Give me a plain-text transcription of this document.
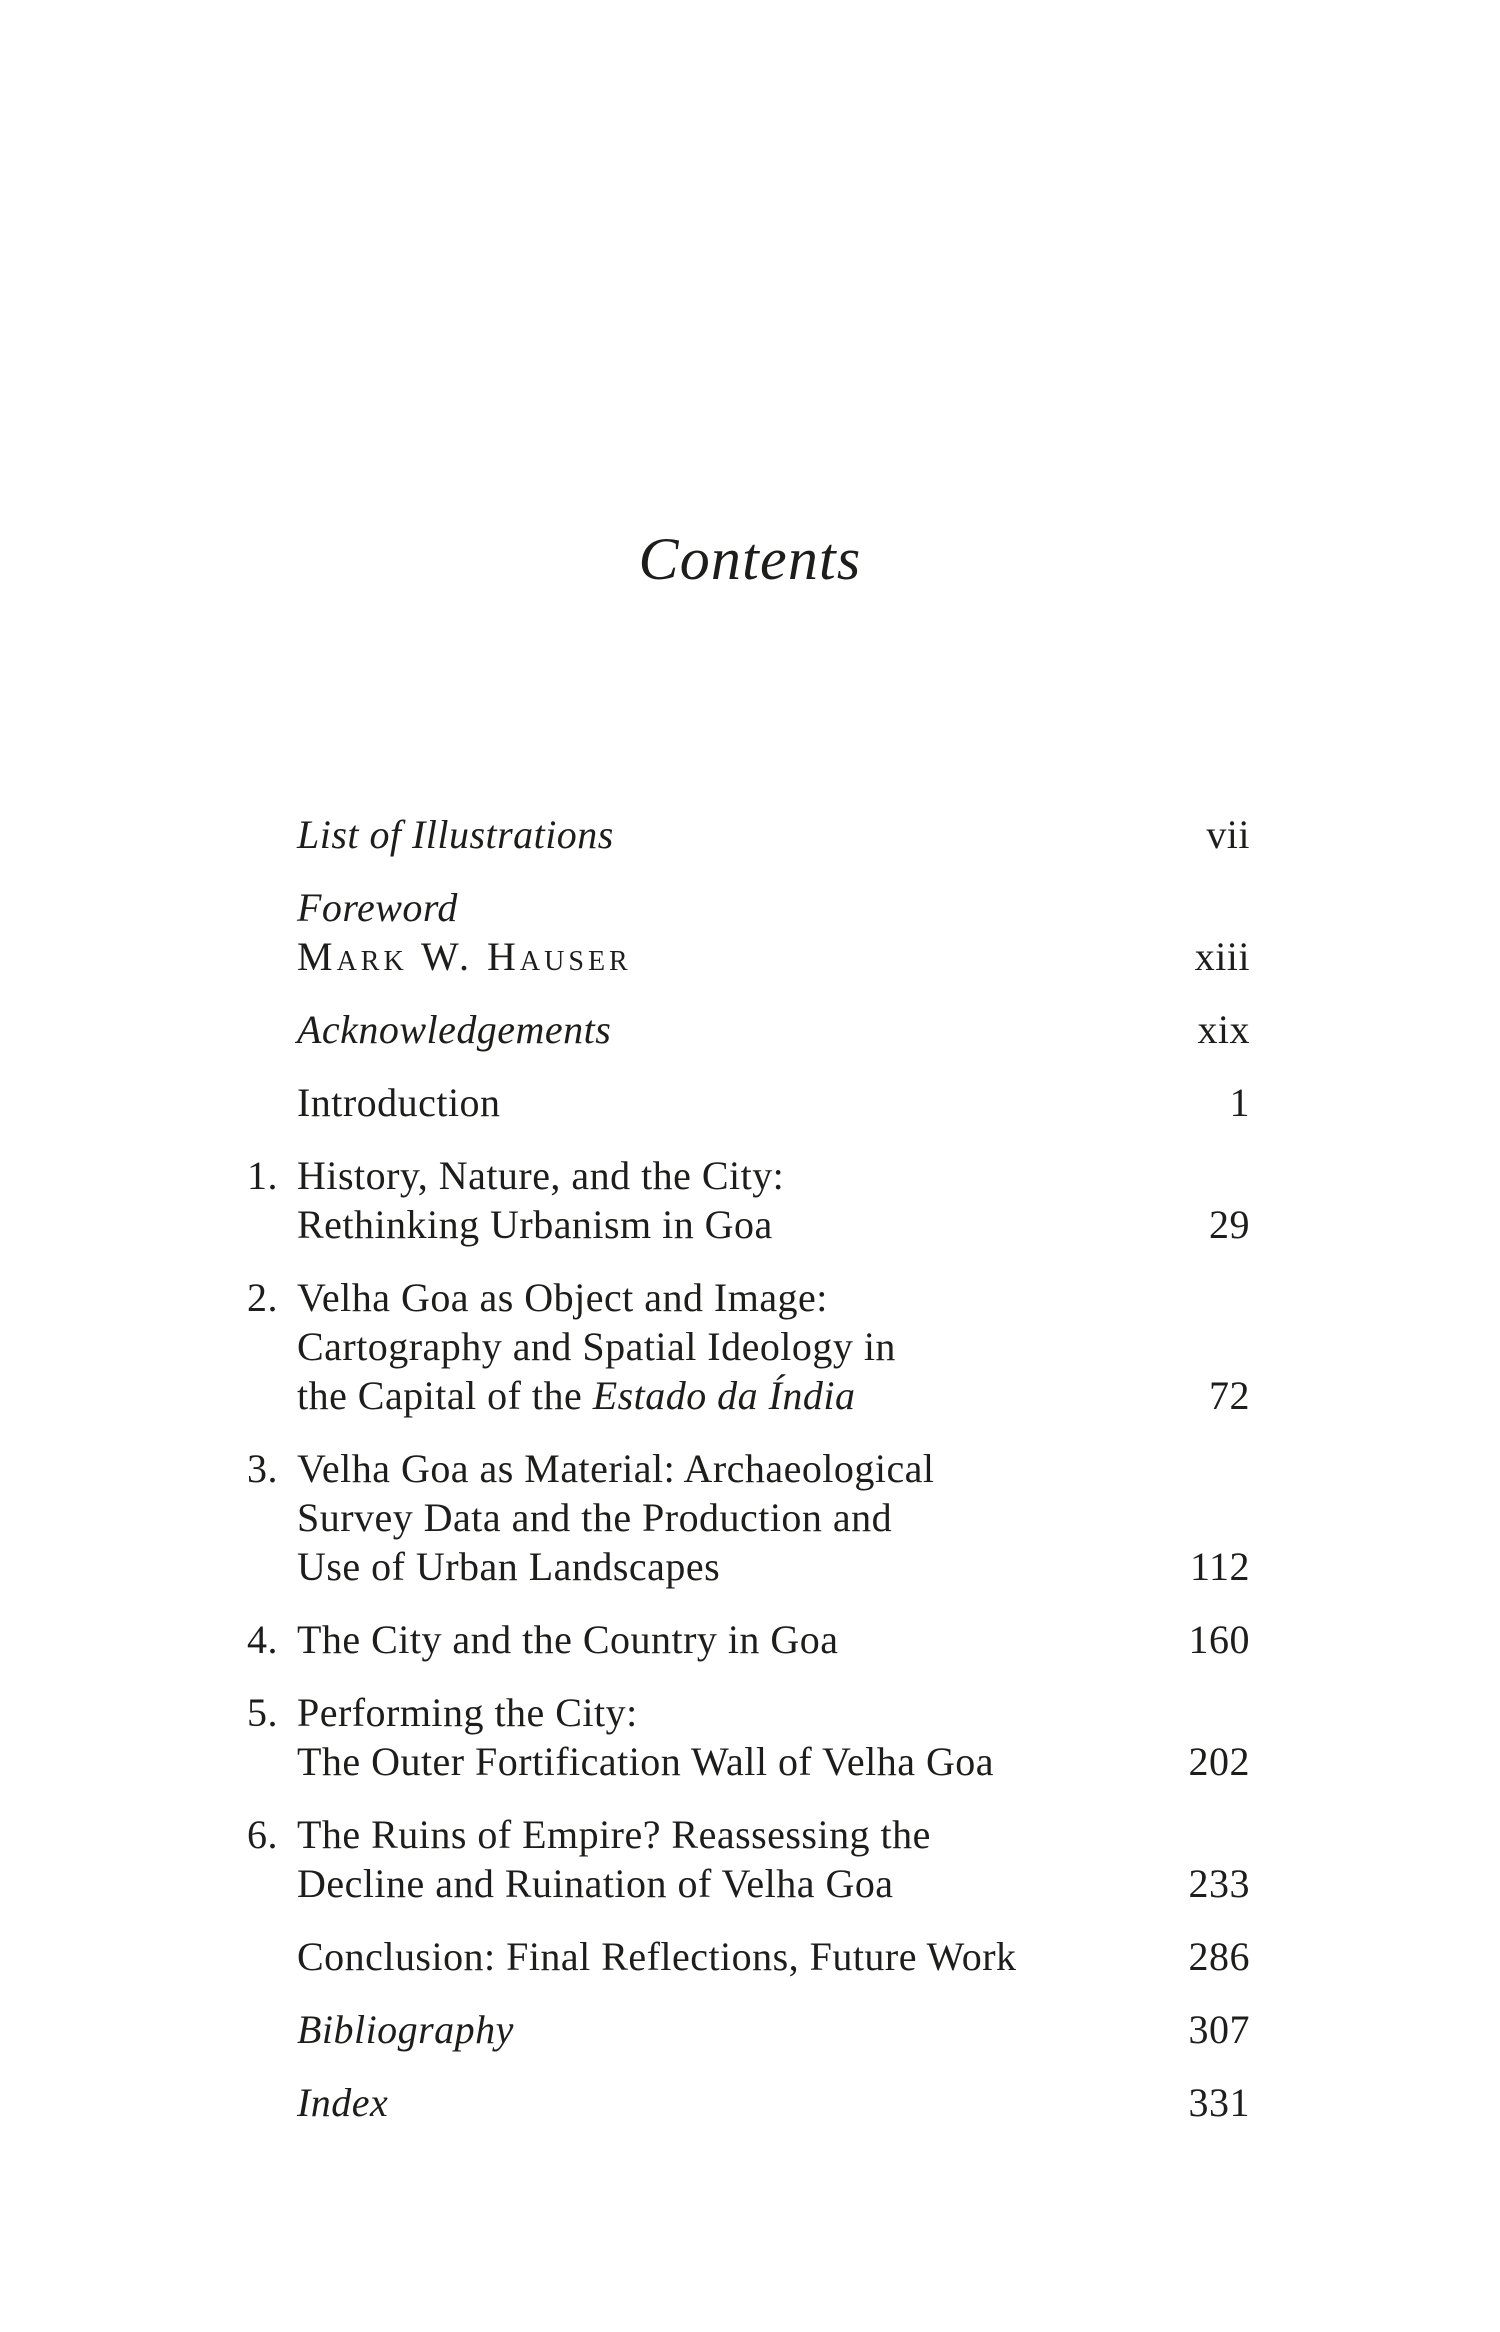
Contents
List of Illustrations	vii
Foreword
Mark W. Hauser	xiii
Acknowledgements	xix
Introduction	1
1. History, Nature, and the City:
Rethinking Urbanism in Goa	29
2. Velha Goa as Object and Image:
Cartography and Spatial Ideology in
the Capital of the Estado da Índia	72
3. Velha Goa as Material: Archaeological
Survey Data and the Production and
Use of Urban Landscapes	112
4. The City and the Country in Goa	160
5. Performing the City:
The Outer Fortification Wall of Velha Goa	202
6. The Ruins of Empire? Reassessing the
Decline and Ruination of Velha Goa	233
Conclusion: Final Reflections, Future Work	286
Bibliography	307
Index	331
